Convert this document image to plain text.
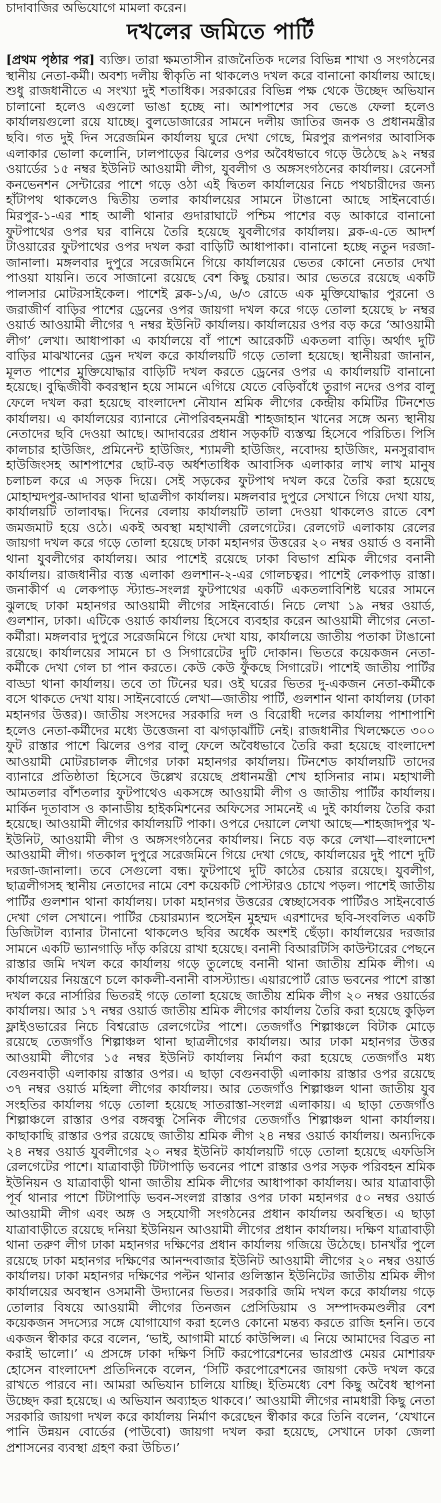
চাদাবাজির অভিযোগে মামলা করেন।
দখলের জমিতে পার্টি
[প্রথম পৃষ্ঠার পর] ব্যক্তি। তারা ক্ষমতাসীন রাজনৈতিক দলের বিভিন্ন শাখা ও সংগঠনের স্থানীয় নেতা-কর্মী। অবশ্য দলীয় স্বীকৃতি না থাকলেও দখল করে বানানো কার্যালয় আছে। শুধু রাজধানীতে এ সংখ্যা দুই শতাধিক। সরকারের বিভিন্ন পক্ষ থেকে উচ্ছেদ অভিযান চালানো হলেও এগুলো ভাঙা হচ্ছে না। আশপাশের সব ভেঙে ফেলা হলেও কার্যালয়গুলো রয়ে যাচ্ছে। বুলডোজারের সামনে দলীয় জাতির জনক ও প্রধানমন্ত্রীর ছবি। গত দুই দিন সরেজমিন কার্যালয় ঘুরে দেখা গেছে, মিরপুর রূপনগর আবাসিক এলাকার ভোলা কলোনি, ঢালপাড়ের ঝিলের ওপর অবৈধভাবে গড়ে উঠেছে ৯২ নম্বর ওয়ার্ডের ১৫ নম্বর ইউনিট আওয়ামী লীগ, যুবলীগ ও অঙ্গসংগঠনের কার্যালয়। রেনেসাঁ কনভেনশন সেন্টারের পাশে গড়ে ওঠা এই দ্বিতল কার্যালয়ের নিচে পথচারীদের জন্য হাঁটাপথ থাকলেও দ্বিতীয় তলার কার্যালয়ের সামনে টাঙানো আছে সাইনবোর্ড। মিরপুর-১-এর শাহ আলী থানার গুদারাঘাটে পশ্চিম পাশের বড় আকারে বানানো ফুটপাথের ওপর ঘর বানিয়ে তৈরি হয়েছে যুবলীগের কার্যালয়। ব্লক-এ-তে আদর্শ টাওয়ারের ফুটপাথের ওপর দখল করা বাড়িটি আধাপাকা। বানানো হচ্ছে নতুন দরজা-জানালা। মঙ্গলবার দুপুরে সরেজমিনে গিয়ে কার্যালয়ের ভেতর কোনো নেতার দেখা পাওয়া যায়নি। তবে সাজানো রয়েছে বেশ কিছু চেয়ার। আর ভেতরে রয়েছে একটি পালসার মোটরসাইকেল। পাশেই ব্লক-১/এ, ৬/৩ রোডে এক মুক্তিযোদ্ধার পুরনো ও জরাজীর্ণ বাড়ির পাশের ড্রেনের ওপর জায়গা দখল করে গড়ে তোলা হয়েছে ৮ নম্বর ওয়ার্ড আওয়ামী লীগের ৭ নম্বর ইউনিট কার্যালয়। কার্যালয়ের ওপর বড় করে ‘আওয়ামী লীগ’ লেখা। আধাপাকা এ কার্যালয়ে বাঁ পাশে আরেকটি একতলা বাড়ি। অর্থাৎ দুটি বাড়ির মাঝখানের ড্রেন দখল করে কার্যালয়টি গড়ে তোলা হয়েছে। স্থানীয়রা জানান, মূলত পাশের মুক্তিযোদ্ধার বাড়িটি দখল করতে ড্রেনের ওপর এ কার্যালয়টি বানানো হয়েছে। বুদ্ধিজীবী কবরস্থান হয়ে সামনে এগিয়ে যেতে বেড়িবাঁধে তুরাগ নদের ওপর বালু ফেলে দখল করা হয়েছে বাংলাদেশ নৌযান শ্রমিক লীগের কেন্দ্রীয় কমিটির টিনশেড কার্যালয়। এ কার্যালয়ের ব্যানারে নৌপরিবহনমন্ত্রী শাহজাহান খানের সঙ্গে অন্য স্থানীয় নেতাদের ছবি দেওয়া আছে। আদাবরের প্রধান সড়কটি ব্যস্তত্ম হিসেবে পরিচিত। পিসি কালচার হাউজিং, প্রমিনেন্ট হাউজিং, শ্যামলী হাউজিং, নবোদয় হাউজিং, মনসুরাবাদ হাউজিংসহ আশপাশের ছোট-বড় অর্ধশতাধিক আবাসিক এলাকার লাখ লাখ মানুষ চলাচল করে এ সড়ক দিয়ে। সেই সড়কের ফুটপাথ দখল করে তৈরি করা হয়েছে মোহাম্মদপুর-আদাবর থানা ছাত্রলীগ কার্যালয়। মঙ্গলবার দুপুরে সেখানে গিয়ে দেখা যায়, কার্যালয়টি তালাবদ্ধ। দিনের বেলায় কার্যালয়টি তালা দেওয়া থাকলেও রাতে বেশ জমজমাট হয়ে ওঠে। একই অবস্থা মহাখালী রেলগেটের। রেলগেট এলাকায় রেলের জায়গা দখল করে গড়ে তোলা হয়েছে ঢাকা মহানগর উত্তরের ২০ নম্বর ওয়ার্ড ও বনানী থানা যুবলীগের কার্যালয়। আর পাশেই রয়েছে ঢাকা বিভাগ শ্রমিক লীগের বনানী কার্যালয়। রাজধানীর ব্যস্ত এলাকা গুলশান-২-এর গোলচত্বর। পাশেই লেকপাড় রাস্তা। জনাকীর্ণ এ লেকপাড় স্ট্যান্ড-সংলগ্ন ফুটপাথের একটি একতলাবিশিষ্ট ঘরের সামনে ঝুলছে ঢাকা মহানগর আওয়ামী লীগের সাইনবোর্ড। নিচে লেখা ১৯ নম্বর ওয়ার্ড, গুলশান, ঢাকা। এটিকে ওয়ার্ড কার্যালয় হিসেবে ব্যবহার করেন আওয়ামী লীগের নেতা-কর্মীরা। মঙ্গলবার দুপুরে সরেজমিনে গিয়ে দেখা যায়, কার্যালয়ে জাতীয় পতাকা টাঙানো রয়েছে। কার্যালয়ের সামনে চা ও সিগারেটের দুটি দোকান। ভিতরে কয়েকজন নেতা-কর্মীকে দেখা গেল চা পান করতে। কেউ কেউ ফুঁকছে সিগারেট। পাশেই জাতীয় পার্টির বাড্ডা থানা কার্যালয়। তবে তা টিনের ঘর। ওই ঘরের ভিতর দু-একজন নেতা-কর্মীকে বসে থাকতে দেখা যায়। সাইনবোর্ডে লেখা—জাতীয় পার্টি, গুলশান থানা কার্যালয় (ঢাকা মহানগর উত্তর)। জাতীয় সংসদের সরকারি দল ও বিরোধী দলের কার্যালয় পাশাপাশি হলেও নেতা-কর্মীদের মধ্যে উত্তেজনা বা ঝগড়াঝাঁটি নেই। রাজধানীর খিলক্ষেতে ৩০০ ফুট রাস্তার পাশে ঝিলের ওপর বালু ফেলে অবৈধভাবে তৈরি করা হয়েছে বাংলাদেশ আওয়ামী মোটরচালক লীগের ঢাকা মহানগর কার্যালয়। টিনশেড কার্যালয়টি তাদের ব্যানারে প্রতিষ্ঠাতা হিসেবে উল্লেখ রয়েছে প্রধানমন্ত্রী শেখ হাসিনার নাম। মহাখালী আমতলার বাঁশতলার ফুটপাথেও একসঙ্গে আওয়ামী লীগ ও জাতীয় পার্টির কার্যালয়। মার্কিন দূতাবাস ও কানাডীয় হাইকমিশনের অফিসের সামনেই এ দুই কার্যালয় তৈরি করা হয়েছে। আওয়ামী লীগের কার্যালয়টি পাকা। ওপরে দেয়ালে লেখা আছে—শাহজাদপুর খ-ইউনিট, আওয়ামী লীগ ও অঙ্গসংগঠনের কার্যালয়। নিচে বড় করে লেখা—বাংলাদেশ আওয়ামী লীগ। গতকাল দুপুরে সরেজমিনে গিয়ে দেখা গেছে, কার্যালয়ের দুই পাশে দুটি দরজা-জানালা। তবে সেগুলো বন্ধ। ফুটপাথে দুটি কাঠের চেয়ার রয়েছে। যুবলীগ, ছাত্রলীগসহ স্থানীয় নেতাদের নামে বেশ কয়েকটি পোস্টারও চোখে পড়ল। পাশেই জাতীয় পার্টির গুলশান থানা কার্যালয়। ঢাকা মহানগর উত্তরের স্বেচ্ছাসেবক পার্টিরও সাইনবোর্ড দেখা গেল সেখানে। পার্টির চেয়ারম্যান হুসেইন মুহম্মদ এরশাদের ছবি-সংবলিত একটি ডিজিটাল ব্যানার টানানো থাকলেও ছবির অর্ধেক অংশই ছেঁড়া। কার্যালয়ের দরজার সামনে একটি ভ্যানগাড়ি দাঁড় করিয়ে রাখা হয়েছে। বনানী বিআরটিসি কাউন্টারের পেছনে রাস্তার জমি দখল করে কার্যালয় গড়ে তুলেছে বনানী থানা জাতীয় শ্রমিক লীগ। এ কার্যালয়ের নিয়ন্ত্রণে চলে কাকলী-বনানী বাসস্ট্যান্ড। এয়ারপোর্ট রোড ভবনের পাশে রাস্তা দখল করে নার্সারির ভিতরই গড়ে তোলা হয়েছে জাতীয় শ্রমিক লীগ ২০ নম্বর ওয়ার্ডের কার্যালয়। আর ১৭ নম্বর ওয়ার্ড জাতীয় শ্রমিক লীগের কার্যালয় তৈরি করা হয়েছে কুড়িল ফ্লাইওভারের নিচে বিশ্বরোড রেলগেটের পাশে। তেজগাঁও শিল্পাঞ্চলে বিটাক মোড়ে রয়েছে তেজগাঁও শিল্পাঞ্চল থানা ছাত্রলীগের কার্যালয়। আর ঢাকা মহানগর উত্তর আওয়ামী লীগের ১৫ নম্বর ইউনিট কার্যালয় নির্মাণ করা হয়েছে তেজগাঁও মধ্য বেগুনবাড়ী এলাকায় রাস্তার ওপর। এ ছাড়া বেগুনবাড়ী এলাকায় রাস্তার ওপর রয়েছে ৩৭ নম্বর ওয়ার্ড মহিলা লীগের কার্যালয়। আর তেজগাঁও শিল্পাঞ্চল থানা জাতীয় যুব সংহতির কার্যালয় গড়ে তোলা হয়েছে সাতরাস্তা-সংলগ্ন এলাকায়। এ ছাড়া তেজগাঁও শিল্পাঞ্চলে রাস্তার ওপর বঙ্গবন্ধু সৈনিক লীগের তেজগাঁও শিল্পাঞ্চল থানা কার্যালয়। কাছাকাছি রাস্তার ওপর রয়েছে জাতীয় শ্রমিক লীগ ২৪ নম্বর ওয়ার্ড কার্যালয়। অন্যদিকে ২৪ নম্বর ওয়ার্ড যুবলীগের ২০ নম্বর ইউনিট কার্যালয়টি গড়ে তোলা হয়েছে এফডিসি রেলগেটের পাশে। যাত্রাবাড়ী টিটাপাড়ি ভবনের পাশে রাস্তার ওপর সড়ক পরিবহন শ্রমিক ইউনিয়ন ও যাত্রাবাড়ী থানা জাতীয় শ্রমিক লীগের আধাপাকা কার্যালয়। আর যাত্রাবাড়ী পূর্ব থানার পাশে টিটাপাড়ি ভবন-সংলগ্ন রাস্তার ওপর ঢাকা মহানগর ৫০ নম্বর ওয়ার্ড আওয়ামী লীগ এবং অঙ্গ ও সহযোগী সংগঠনের প্রধান কার্যালয় অবস্থিত। এ ছাড়া যাত্রাবাড়ীতে রয়েছে দনিয়া ইউনিয়ন আওয়ামী লীগের প্রধান কার্যালয়। দক্ষিণ যাত্রাবাড়ী থানা তরুণ লীগ ঢাকা মহানগর দক্ষিণের প্রধান কার্যালয় গজিয়ে উঠেছে। চানখাঁর পুলে রয়েছে ঢাকা মহানগর দক্ষিণের আনন্দবাজার ইউনিট আওয়ামী লীগের ২০ নম্বর ওয়ার্ড কার্যালয়। ঢাকা মহানগর দক্ষিণের পল্টন থানার গুলিস্তান ইউনিটের জাতীয় শ্রমিক লীগ কার্যালয়ের অবস্থান ওসমানী উদ্যানের ভিতর। সরকারি জমি দখল করে কার্যালয় গড়ে তোলার বিষয়ে আওয়ামী লীগের তিনজন প্রেসিডিয়াম ও সম্পাদকমণ্ডলীর বেশ কয়েকজন সদস্যের সঙ্গে যোগাযোগ করা হলেও কোনো মন্তব্য করতে রাজি হননি। তবে একজন স্বীকার করে বলেন, ‘ভাই, আগামী মার্চে কাউন্সিল। এ নিয়ে আমাদের বিব্রত না করাই ভালো।’ এ প্রসঙ্গে ঢাকা দক্ষিণ সিটি করপোরেশনের ভারপ্রাপ্ত মেয়র মোশারফ হোসেন বাংলাদেশ প্রতিদিনকে বলেন, ‘সিটি করপোরেশনের জায়গা কেউ দখল করে রাখতে পারবে না। আমরা অভিযান চালিয়ে যাচ্ছি। ইতিমধ্যে বেশ কিছু অবৈধ স্থাপনা উচ্ছেদ করা হয়েছে। এ অভিযান অব্যাহত থাকবে।’ আওয়ামী লীগের নামধারী কিছু নেতা সরকারি জায়গা দখল করে কার্যালয় নির্মাণ করেছেন স্বীকার করে তিনি বলেন, ‘যেখানে পানি উন্নয়ন বোর্ডের (পাউবো) জায়গা দখল করা হয়েছে, সেখানে ঢাকা জেলা প্রশাসনের ব্যবস্থা গ্রহণ করা উচিত।’
